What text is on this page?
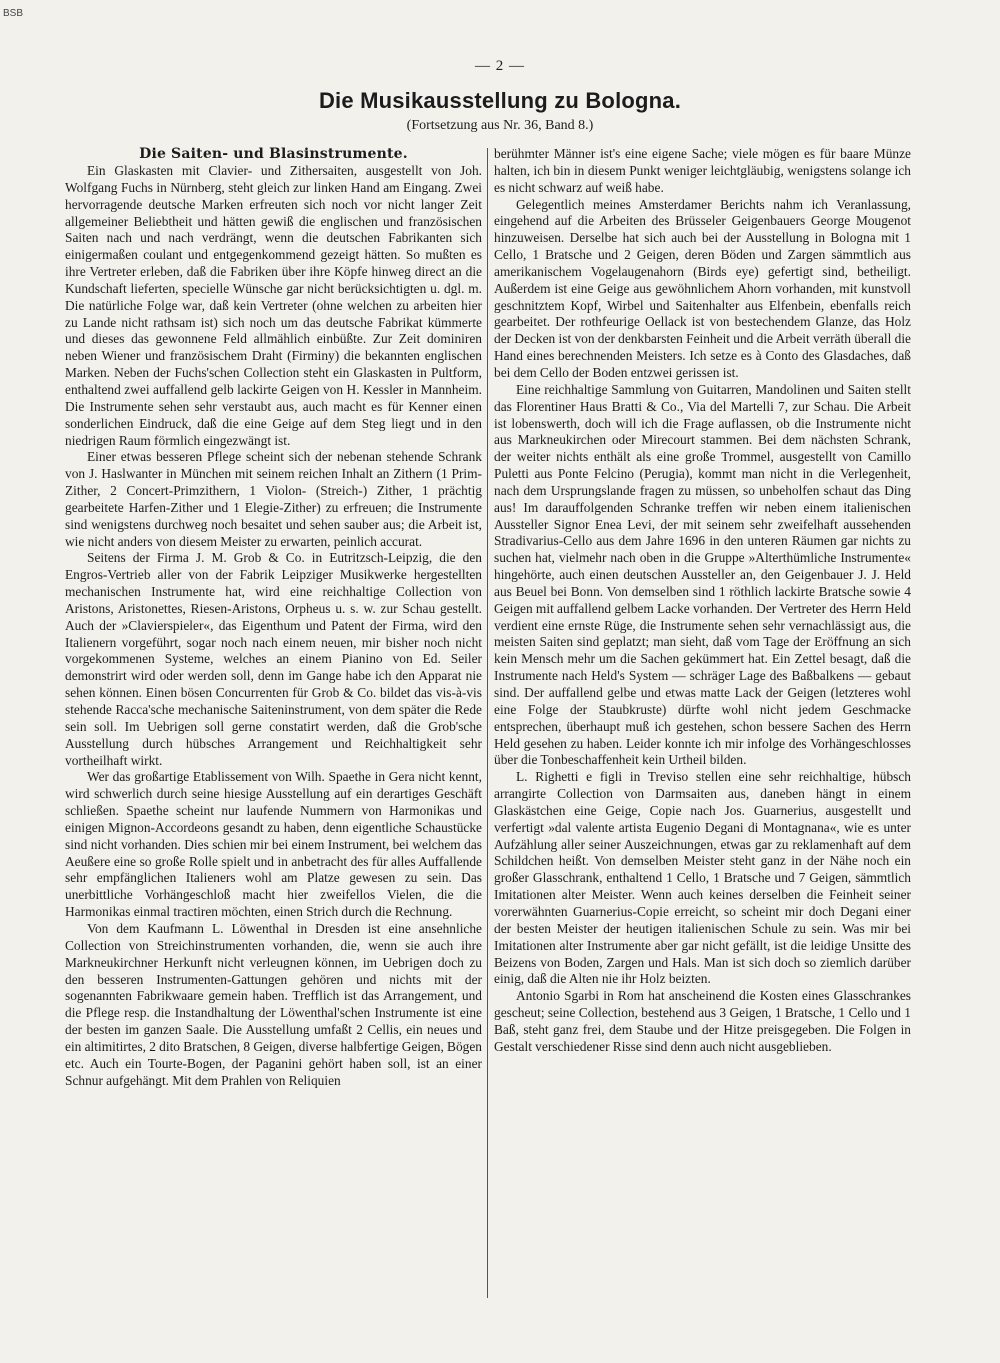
BSB
— 2 —
Die Musikausstellung zu Bologna.
(Fortsetzung aus Nr. 36, Band 8.)
Die Saiten- und Blasinstrumente.

Ein Glaskasten mit Clavier- und Zithersaiten, ausgestellt von Joh. Wolfgang Fuchs in Nürnberg, steht gleich zur linken Hand am Eingang. Zwei hervorragende deutsche Marken erfreuten sich noch vor nicht langer Zeit allgemeiner Beliebtheit und hätten gewiß die englischen und französischen Saiten nach und nach verdrängt, wenn die deutschen Fabrikanten sich einigermaßen coulant und entgegenkommend gezeigt hätten. So mußten es ihre Vertreter erleben, daß die Fabriken über ihre Köpfe hinweg direct an die Kundschaft lieferten, specielle Wünsche gar nicht berücksichtigten u. dgl. m. Die natürliche Folge war, daß kein Vertreter (ohne welchen zu arbeiten hier zu Lande nicht rathsam ist) sich noch um das deutsche Fabrikat kümmerte und dieses das gewonnene Feld allmählich einbüßte. Zur Zeit dominiren neben Wiener und französischem Draht (Firminy) die bekannten englischen Marken. Neben der Fuchs'schen Collection steht ein Glaskasten in Pultform, enthaltend zwei auffallend gelb lackirte Geigen von H. Kessler in Mannheim. Die Instrumente sehen sehr verstaubt aus, auch macht es für Kenner einen sonderlichen Eindruck, daß die eine Geige auf dem Steg liegt und in den niedrigen Raum förmlich eingezwängt ist.

Einer etwas besseren Pflege scheint sich der nebenan stehende Schrank von J. Haslwanter in München mit seinem reichen Inhalt an Zithern (1 Prim-Zither, 2 Concert-Primzithern, 1 Violon- (Streich-) Zither, 1 prächtig gearbeitete Harfen-Zither und 1 Elegie-Zither) zu erfreuen; die Instrumente sind wenigstens durchweg noch besaitet und sehen sauber aus; die Arbeit ist, wie nicht anders von diesem Meister zu erwarten, peinlich accurat.

Seitens der Firma J. M. Grob & Co. in Eutritzsch-Leipzig, die den Engros-Vertrieb aller von der Fabrik Leipziger Musikwerke hergestellten mechanischen Instrumente hat, wird eine reichhaltige Collection von Aristons, Aristonettes, Riesen-Aristons, Orpheus u. s. w. zur Schau gestellt. Auch der »Clavierspieler«, das Eigenthum und Patent der Firma, wird den Italienern vorgeführt, sogar noch nach einem neuen, mir bisher noch nicht vorgekommenen Systeme, welches an einem Pianino von Ed. Seiler demonstrirt wird oder werden soll, denn im Gange habe ich den Apparat nie sehen können. Einen bösen Concurrenten für Grob & Co. bildet das vis-à-vis stehende Racca'sche mechanische Saiteninstrument, von dem später die Rede sein soll. Im Uebrigen soll gerne constatirt werden, daß die Grob'sche Ausstellung durch hübsches Arrangement und Reichhaltigkeit sehr vortheilhaft wirkt.

Wer das großartige Etablissement von Wilh. Spaethe in Gera nicht kennt, wird schwerlich durch seine hiesige Ausstellung auf ein derartiges Geschäft schließen. Spaethe scheint nur laufende Nummern von Harmonikas und einigen Mignon-Accordeons gesandt zu haben, denn eigentliche Schaustücke sind nicht vorhanden. Dies schien mir bei einem Instrument, bei welchem das Aeußere eine so große Rolle spielt und in anbetracht des für alles Auffallende sehr empfänglichen Italieners wohl am Platze gewesen zu sein. Das unerbittliche Vorhängeschloß macht hier zweifellos Vielen, die die Harmonikas einmal tractiren möchten, einen Strich durch die Rechnung.

Von dem Kaufmann L. Löwenthal in Dresden ist eine ansehnliche Collection von Streichinstrumenten vorhanden, die, wenn sie auch ihre Markneukirchner Herkunft nicht verleugnen können, im Uebrigen doch zu den besseren Instrumenten-Gattungen gehören und nichts mit der sogenannten Fabrikwaare gemein haben. Trefflich ist das Arrangement, und die Pflege resp. die Instandhaltung der Löwenthal'schen Instrumente ist eine der besten im ganzen Saale. Die Ausstellung umfaßt 2 Cellis, ein neues und ein altimitirtes, 2 dito Bratschen, 8 Geigen, diverse halbfertige Geigen, Bögen etc. Auch ein Tourte-Bogen, der Paganini gehört haben soll, ist an einer Schnur aufgehängt. Mit dem Prahlen von Reliquien

berühmter Männer ist's eine eigene Sache; viele mögen es für baare Münze halten, ich bin in diesem Punkt weniger leichtgläubig, wenigstens solange ich es nicht schwarz auf weiß habe.

Gelegentlich meines Amsterdamer Berichts nahm ich Veranlassung, eingehend auf die Arbeiten des Brüsseler Geigenbauers George Mougenot hinzuweisen. Derselbe hat sich auch bei der Ausstellung in Bologna mit 1 Cello, 1 Bratsche und 2 Geigen, deren Böden und Zargen sämmtlich aus amerikanischem Vogelaugenahorn (Birds eye) gefertigt sind, betheiligt. Außerdem ist eine Geige aus gewöhnlichem Ahorn vorhanden, mit kunstvoll geschnitztem Kopf, Wirbel und Saitenhalter aus Elfenbein, ebenfalls reich gearbeitet. Der rothfeurige Oellack ist von bestechendem Glanze, das Holz der Decken ist von der denkbarsten Feinheit und die Arbeit verräth überall die Hand eines berechnenden Meisters. Ich setze es à Conto des Glasdaches, daß bei dem Cello der Boden entzwei gerissen ist.

Eine reichhaltige Sammlung von Guitarren, Mandolinen und Saiten stellt das Florentiner Haus Bratti & Co., Via del Martelli 7, zur Schau. Die Arbeit ist lobenswerth, doch will ich die Frage auflassen, ob die Instrumente nicht aus Markneukirchen oder Mirecourt stammen. Bei dem nächsten Schrank, der weiter nichts enthält als eine große Trommel, ausgestellt von Camillo Puletti aus Ponte Felcino (Perugia), kommt man nicht in die Verlegenheit, nach dem Ursprungslande fragen zu müssen, so unbeholfen schaut das Ding aus! Im darauffolgenden Schranke treffen wir neben einem italienischen Aussteller Signor Enea Levi, der mit seinem sehr zweifelhaft aussehenden Stradivarius-Cello aus dem Jahre 1696 in den unteren Räumen gar nichts zu suchen hat, vielmehr nach oben in die Gruppe »Alterthümliche Instrumente« hingehörte, auch einen deutschen Aussteller an, den Geigenbauer J. J. Held aus Beuel bei Bonn. Von demselben sind 1 röthlich lackirte Bratsche sowie 4 Geigen mit auffallend gelbem Lacke vorhanden. Der Vertreter des Herrn Held verdient eine ernste Rüge, die Instrumente sehen sehr vernachlässigt aus, die meisten Saiten sind geplatzt; man sieht, daß vom Tage der Eröffnung an sich kein Mensch mehr um die Sachen gekümmert hat. Ein Zettel besagt, daß die Instrumente nach Held's System — schräger Lage des Baßbalkens — gebaut sind. Der auffallend gelbe und etwas matte Lack der Geigen (letzteres wohl eine Folge der Staubkruste) dürfte wohl nicht jedem Geschmacke entsprechen, überhaupt muß ich gestehen, schon bessere Sachen des Herrn Held gesehen zu haben. Leider konnte ich mir infolge des Vorhängeschlosses über die Tonbeschaffenheit kein Urtheil bilden.

L. Righetti e figli in Treviso stellen eine sehr reichhaltige, hübsch arrangirte Collection von Darmsaiten aus, daneben hängt in einem Glaskästchen eine Geige, Copie nach Jos. Guarnerius, ausgestellt und verfertigt »dal valente artista Eugenio Degani di Montagnana«, wie es unter Aufzählung aller seiner Auszeichnungen, etwas gar zu reklamenhaft auf dem Schildchen heißt. Von demselben Meister steht ganz in der Nähe noch ein großer Glasschrank, enthaltend 1 Cello, 1 Bratsche und 7 Geigen, sämmtlich Imitationen alter Meister. Wenn auch keines derselben die Feinheit seiner vorerwähnten Guarnerius-Copie erreicht, so scheint mir doch Degani einer der besten Meister der heutigen italienischen Schule zu sein. Was mir bei Imitationen alter Instrumente aber gar nicht gefällt, ist die leidige Unsitte des Beizens von Boden, Zargen und Hals. Man ist sich doch so ziemlich darüber einig, daß die Alten nie ihr Holz beizten.

Antonio Sgarbi in Rom hat anscheinend die Kosten eines Glasschrankes gescheut; seine Collection, bestehend aus 3 Geigen, 1 Bratsche, 1 Cello und 1 Baß, steht ganz frei, dem Staube und der Hitze preisgegeben. Die Folgen in Gestalt verschiedener Risse sind denn auch nicht ausgeblieben.
